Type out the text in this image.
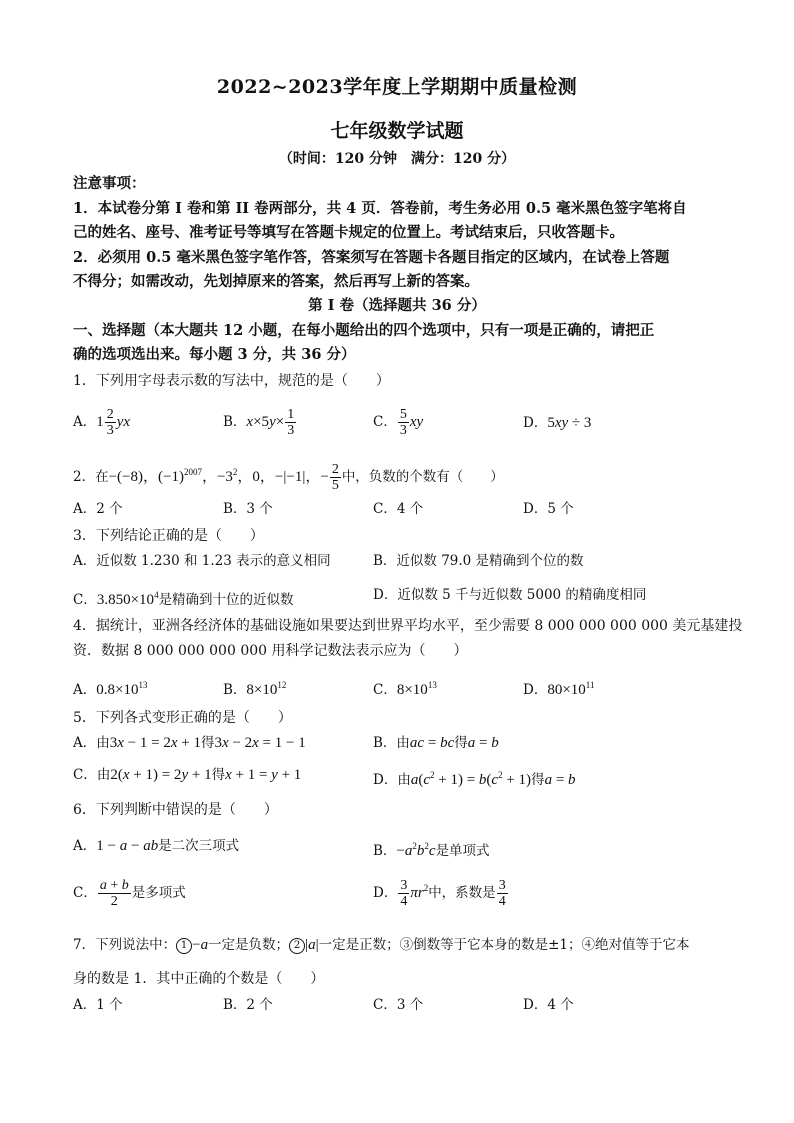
2022~2023学年度上学期期中质量检测
七年级数学试题
（时间：120 分钟　满分：120 分）
注意事项：
1．本试卷分第 I 卷和第 II 卷两部分，共 4 页．答卷前，考生务必用 0.5 毫米黑色签字笔将自
己的姓名、座号、准考证号等填写在答题卡规定的位置上。考试结束后，只收答题卡。
2．必须用 0.5 毫米黑色签字笔作答，答案须写在答题卡各题目指定的区域内，在试卷上答题
不得分；如需改动，先划掉原来的答案，然后再写上新的答案。
第 I 卷（选择题共 36 分）
一、选择题（本大题共 12 小题，在每小题给出的四个选项中，只有一项是正确的，请把正
确的选项选出来。每小题 3 分，共 36 分）
1．下列用字母表示数的写法中，规范的是（　　）
A．$1 \frac{2}{3}$ yx	B．$x\times 5y\times \frac{1}{3}$	C． $\frac{5}{3}$ xy	D．5xy ÷ 3
2．在−(−8)，$(-1)^{2007}$，$-3^2$，0，−|−1|，− $\frac{2}{5}$ 中，负数的个数有（　　）
A．2 个	B．3 个	C．4 个	D．5 个
3．下列结论正确的是（　　）
A．近似数 1.230 和 1.23 表示的意义相同	B．近似数 79.0 是精确到个位的数
C．$3.850\times 10^4$是精确到十位的近似数	D．近似数 5 千与近似数 5000 的精确度相同
4．据统计，亚洲各经济体的基础设施如果要达到世界平均水平，至少需要 8 000 000 000 000 美元基建投
资．数据 8 000 000 000 000 用科学记数法表示应为（　　）
A．$0.8\times 10^{13}$	B．$8\times 10^{12}$	C．$8\times 10^{13}$	D．$80\times 10^{11}$
5．下列各式变形正确的是（　　）
A．由3x − 1 = 2x + 1得3x − 2x = 1 − 1	B．由ac = bc得a = b
C．由2(x + 1) = 2y + 1得x + 1 = y + 1	D．由$a(c^2 + 1) = b(c^2 + 1)$得a = b
6．下列判断中错误的是（　　）
A．1 − a − ab是二次三项式	B．$-a^2b^2c$是单项式
C． $\frac{a + b}{2}$ 是多项式	D． $\frac{3}{4} \pi r^2$中，系数是 $\frac{3}{4}$
7．下列说法中： 1 −a一定是负数； 2 |a|一定是正数；③倒数等于它本身的数是±1；④绝对值等于它本
身的数是 1．其中正确的个数是（　　）
A．1 个	B．2 个	C．3 个	D．4 个
